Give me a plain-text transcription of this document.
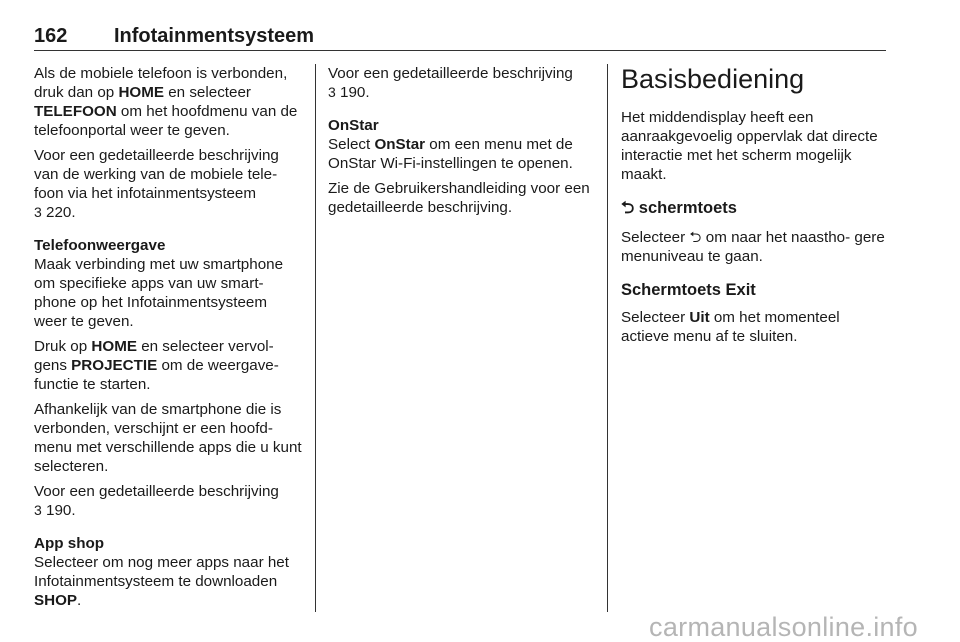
162 Infotainmentsysteem

Als de mobiele telefoon is verbonden, druk dan op HOME en selecteer TELEFOON om het hoofdmenu van de telefoonportal weer te geven.

Voor een gedetailleerde beschrijving van de werking van de mobiele tele- foon via het infotainmentsysteem
3 220.

Telefoonweergave

Maak verbinding met uw smartphone om specifieke apps van uw smart- phone op het Infotainmentsysteem weer te geven.

Druk op HOME en selecteer vervol- gens PROJECTIE om de weergave- functie te starten.

Afhankelijk van de smartphone die is verbonden, verschijnt er een hoofd- menu met verschillende apps die u kunt selecteren.

Voor een gedetailleerde beschrijving
3 190.

App shop

Selecteer om nog meer apps naar het Infotainmentsysteem te downloaden SHOP.

Voor een gedetailleerde beschrijving
3 190.

OnStar

Select OnStar om een menu met de OnStar Wi-Fi-instellingen te openen.

Zie de Gebruikershandleiding voor een gedetailleerde beschrijving.

Basisbediening

Het middendisplay heeft een aanraakgevoelig oppervlak dat directe interactie met het scherm mogelijk maakt.

⮌ schermtoets

Selecteer ⮌ om naar het naastho- gere menuniveau te gaan.

Schermtoets Exit

Selecteer Uit om het momenteel actieve menu af te sluiten.

carmanualsonline.info
